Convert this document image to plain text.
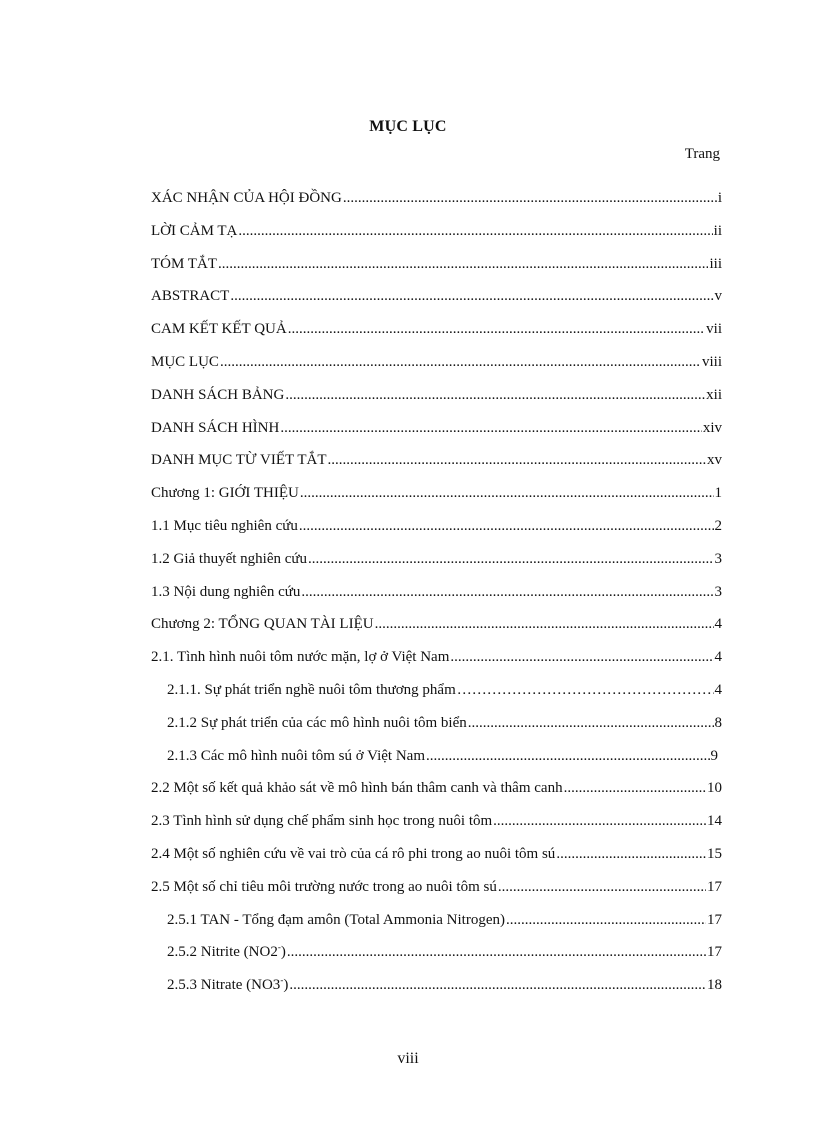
MỤC LỤC
Trang
XÁC NHẬN CỦA HỘI ĐỒNG .....	i
LỜI CẢM TẠ .....	ii
TÓM TẮT .....	iii
ABSTRACT .....	v
CAM KẾT KẾT QUẢ .....	vii
MỤC LỤC .....	viii
DANH SÁCH BẢNG .....	xii
DANH SÁCH HÌNH .....	xiv
DANH MỤC TỪ VIẾT TẮT .....	xv
Chương 1: GIỚI THIỆU .....	1
1.1 Mục tiêu nghiên cứu .....	2
1.2 Giả thuyết nghiên cứu .....	3
1.3 Nội dung nghiên cứu .....	3
Chương 2: TỔNG QUAN TÀI LIỆU .....	4
2.1. Tình hình nuôi tôm nước mặn, lợ ở Việt Nam .....	4
2.1.1. Sự phát triển nghề nuôi tôm thương phẩm ……………………………………………………………………………………………………………………………………………………	4
2.1.2 Sự phát triển của các mô hình nuôi tôm biển .....	8
2.1.3 Các mô hình nuôi tôm sú ở Việt Nam .....	9
2.2 Một số kết quả khảo sát về mô hình bán thâm canh và thâm canh .....	10
2.3 Tình hình sử dụng chế phẩm sinh học trong nuôi tôm .....	14
2.4 Một số nghiên cứu về vai trò của cá rô phi trong ao nuôi tôm sú .....	15
2.5 Một số chỉ tiêu môi trường nước trong ao nuôi tôm sú .....	17
2.5.1 TAN - Tổng đạm amôn (Total Ammonia Nitrogen) .....	17
2.5.2 Nitrite (NO2-) .....	17
2.5.3 Nitrate (NO3-) .....	18
viii
